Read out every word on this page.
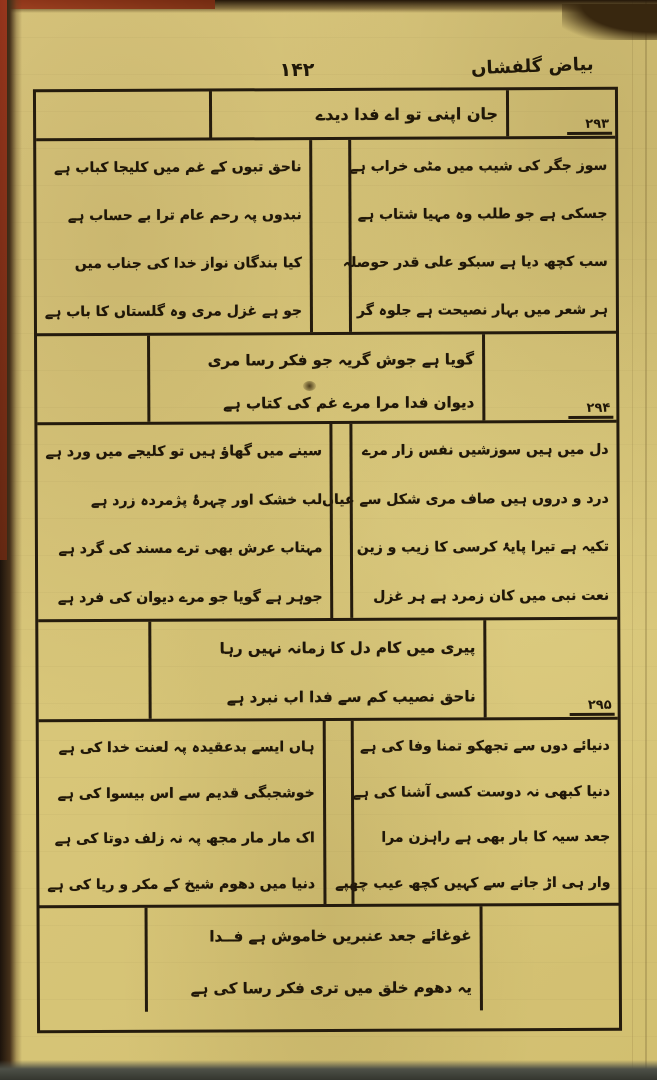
بیاض گلفشاں
۱۴۲
۲۹۳
جان اپنی تو اے فدا دیدے
سوز جگر کی شیب میں مٹی خراب ہے
جسکی ہے جو طلب وہ مہیا شتاب ہے
سب کچھ دیا ہے سبکو علی قدر حوصلہ
ہر شعر میں بہار نصیحت ہے جلوہ گر
ناحق تبوں کے غم میں کلیجا کباب ہے
نبدوں پہ رحم عام ترا بے حساب ہے
کیا بندگان نواز خدا کی جناب میں
جو ہے غزل مری وہ گلستاں کا باب ہے
۲۹۴
گویا ہے جوش گریہ جو فکر رسا مری
دیوان فدا مرا مرے غم کی کتاب ہے
دل میں ہیں سوزشیں نفس زار مرے
درد و دروں ہیں صاف مری شکل سے عیاں
تکیہ ہے تیرا پایۂ کرسی کا زیب و زین
نعت نبی میں کان زمرد ہے ہر غزل
سینے میں گھاؤ ہیں تو کلیجے میں ورد ہے
لب خشک اور چہرۂ پژمردہ زرد ہے
مہتاب عرش بھی ترے مسند کی گرد ہے
جوہر ہے گویا جو مرے دیوان کی فرد ہے
۲۹۵
پیری میں کام دل کا زمانہ نہیں رہا
ناحق نصیب کم سے فدا اب نبرد ہے
دنیائے دوں سے تجھکو تمنا وفا کی ہے
دنیا کبھی نہ دوست کسی آشنا کی ہے
جعد سیہ کا بار بھی ہے راہزن مرا
وار ہی اڑ جانے سے کہیں کچھ عیب چھپے
ہاں ایسے بدعقیدہ پہ لعنت خدا کی ہے
خوشجبگی قدیم سے اس بیسوا کی ہے
اک مار مار مجھ پہ نہ زلف دوتا کی ہے
دنیا میں دھوم شیخ کے مکر و ریا کی ہے
غوغائے جعد عنبریں خاموش ہے فــدا
یہ دھوم خلق میں تری فکر رسا کی ہے
